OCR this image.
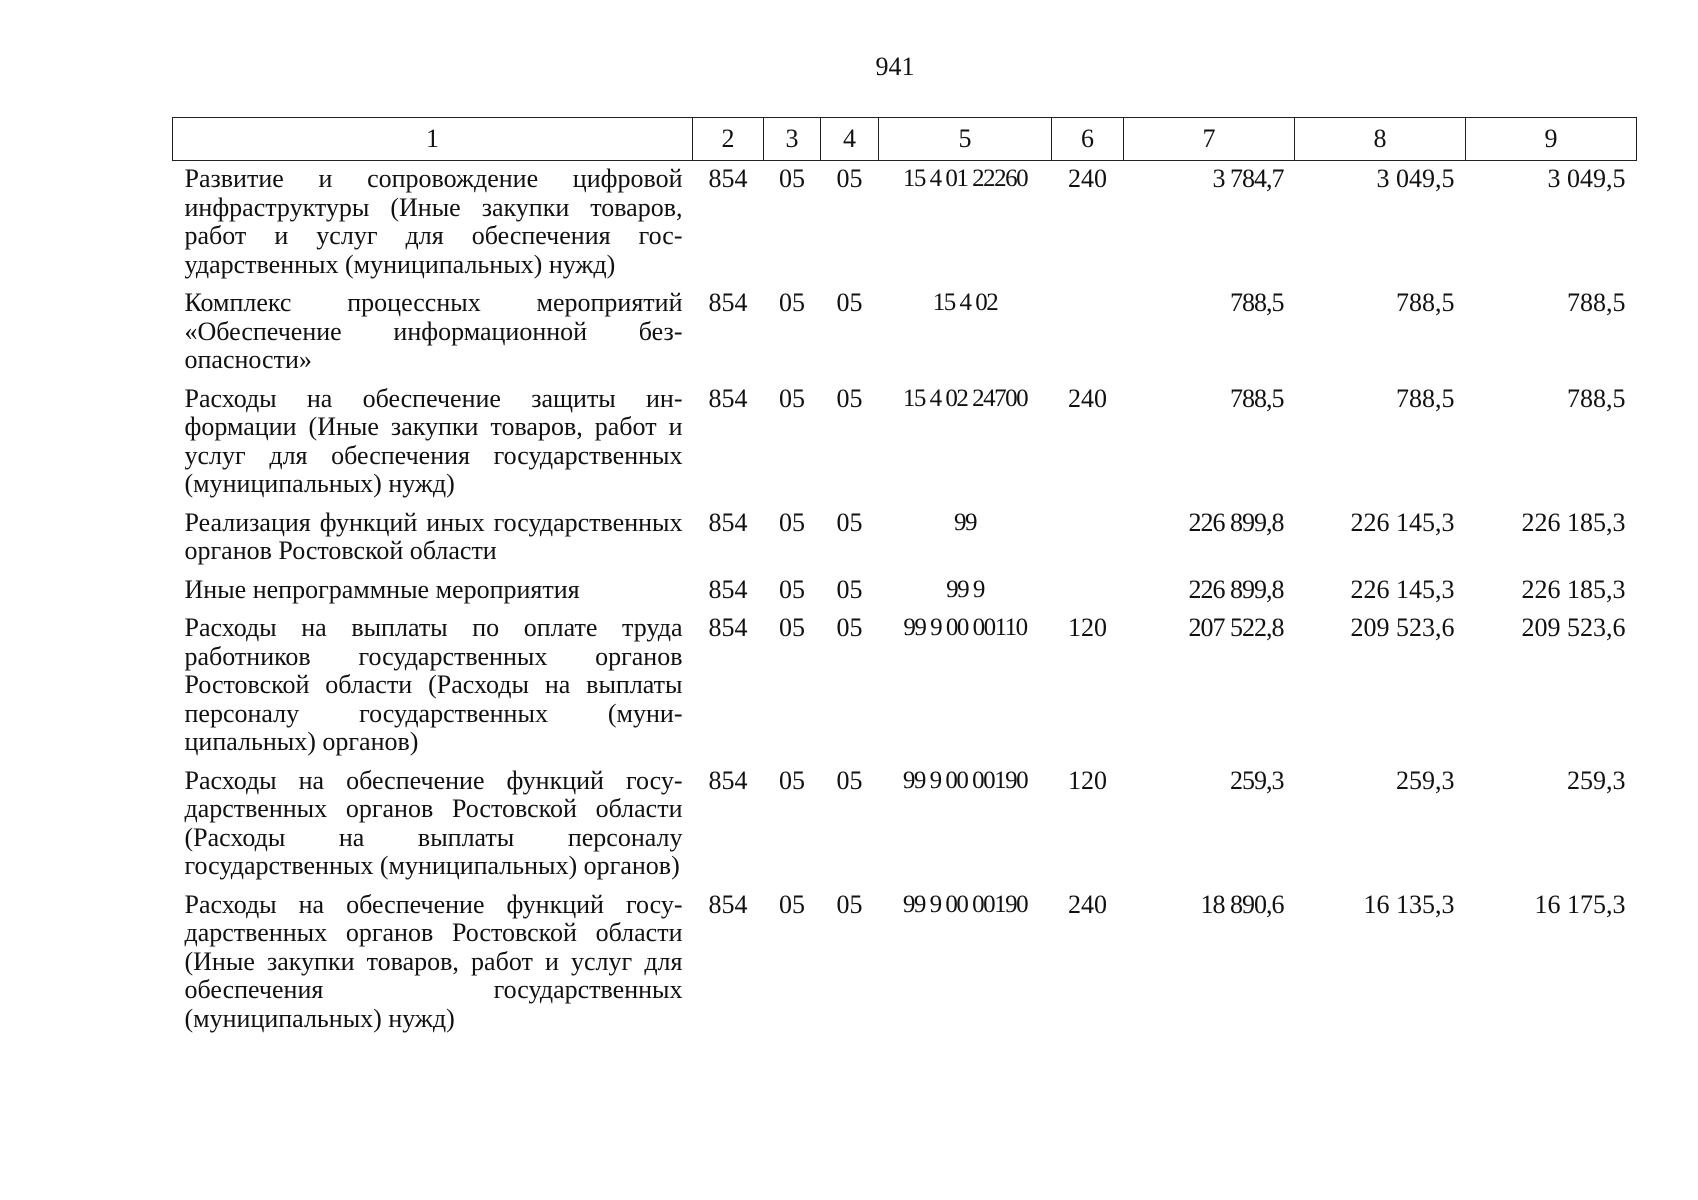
941
1	2	3	4	5	6	7	8	9
Развитие и сопровождение цифровой инфраструктуры (Иные закупки товаров, работ и услуг для обеспечения государственных (муниципальных) нужд)	854	05	05	15 4 01 22260	240	3 784,7	3 049,5	3 049,5
Комплекс процессных мероприятий «Обеспечение информационной безопасности»	854	05	05	15 4 02		788,5	788,5	788,5
Расходы на обеспечение защиты информации (Иные закупки товаров, работ и услуг для обеспечения государственных (муниципальных) нужд)	854	05	05	15 4 02 24700	240	788,5	788,5	788,5
Реализация функций иных государственных органов Ростовской области	854	05	05	99		226 899,8	226 145,3	226 185,3
Иные непрограммные мероприятия	854	05	05	99 9		226 899,8	226 145,3	226 185,3
Расходы на выплаты по оплате труда работников государственных органов Ростовской области (Расходы на выплаты персоналу государственных (муниципальных) органов)	854	05	05	99 9 00 00110	120	207 522,8	209 523,6	209 523,6
Расходы на обеспечение функций государственных органов Ростовской области (Расходы на выплаты персоналу государственных (муниципальных) органов)	854	05	05	99 9 00 00190	120	259,3	259,3	259,3
Расходы на обеспечение функций государственных органов Ростовской области (Иные закупки товаров, работ и услуг для обеспечения государственных (муниципальных) нужд)	854	05	05	99 9 00 00190	240	18 890,6	16 135,3	16 175,3
